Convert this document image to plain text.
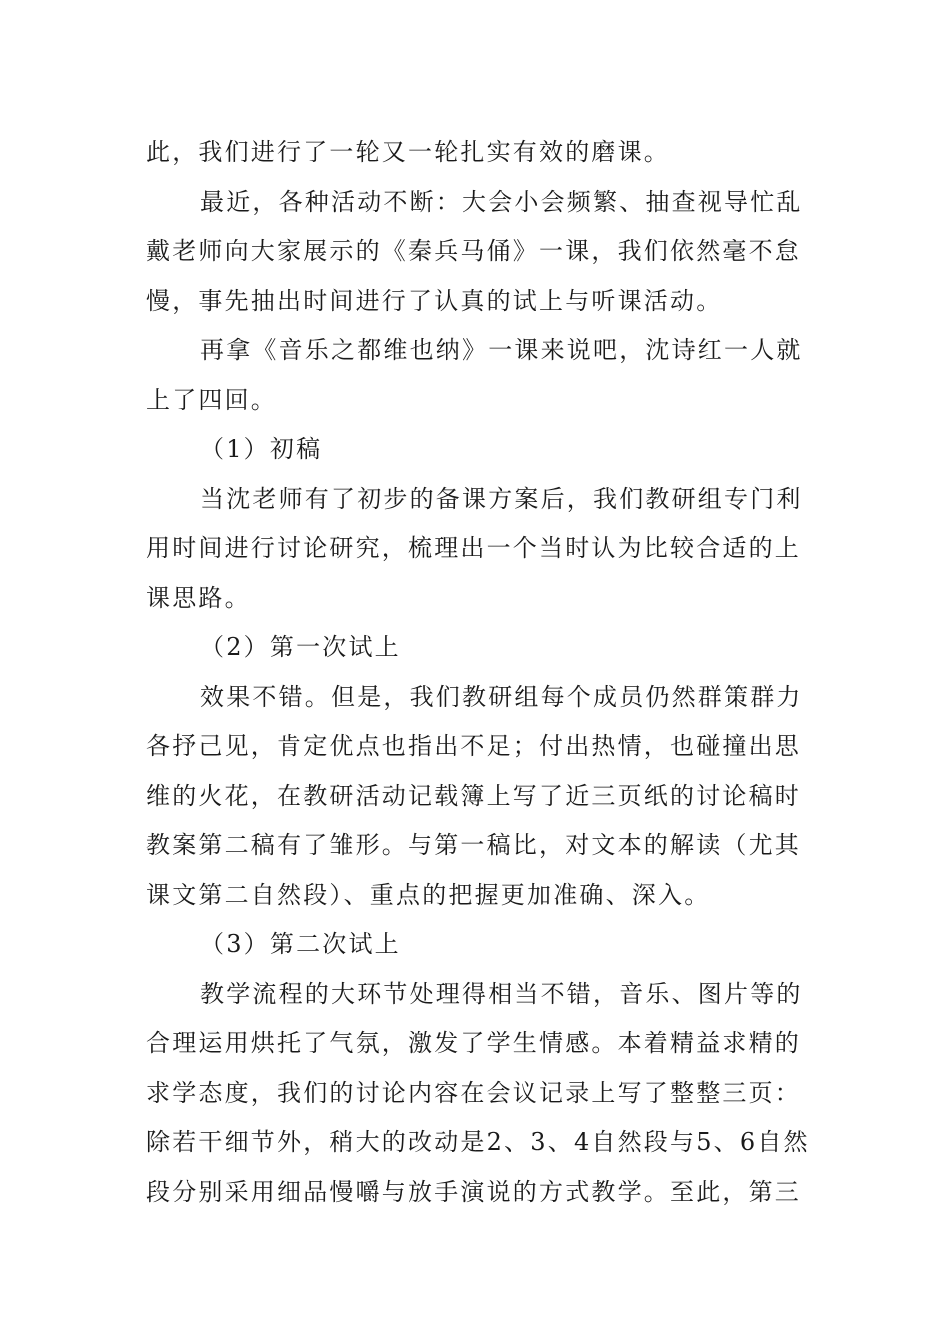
此，我们进行了一轮又一轮扎实有效的磨课。
最近，各种活动不断：大会小会频繁、抽查视导忙乱
戴老师向大家展示的《秦兵马俑》一课，我们依然毫不怠
慢，事先抽出时间进行了认真的试上与听课活动。
再拿《音乐之都维也纳》一课来说吧，沈诗红一人就
上了四回。
（1）初稿
当沈老师有了初步的备课方案后，我们教研组专门利
用时间进行讨论研究，梳理出一个当时认为比较合适的上
课思路。
（2）第一次试上
效果不错。但是，我们教研组每个成员仍然群策群力
各抒己见，肯定优点也指出不足；付出热情，也碰撞出思
维的火花，在教研活动记载簿上写了近三页纸的讨论稿时
教案第二稿有了雏形。与第一稿比，对文本的解读（尤其
课文第二自然段）、重点的把握更加准确、深入。
（3）第二次试上
教学流程的大环节处理得相当不错，音乐、图片等的
合理运用烘托了气氛，激发了学生情感。本着精益求精的
求学态度，我们的讨论内容在会议记录上写了整整三页：
除若干细节外，稍大的改动是2、3、4自然段与5、6自然
段分别采用细品慢嚼与放手演说的方式教学。至此，第三
